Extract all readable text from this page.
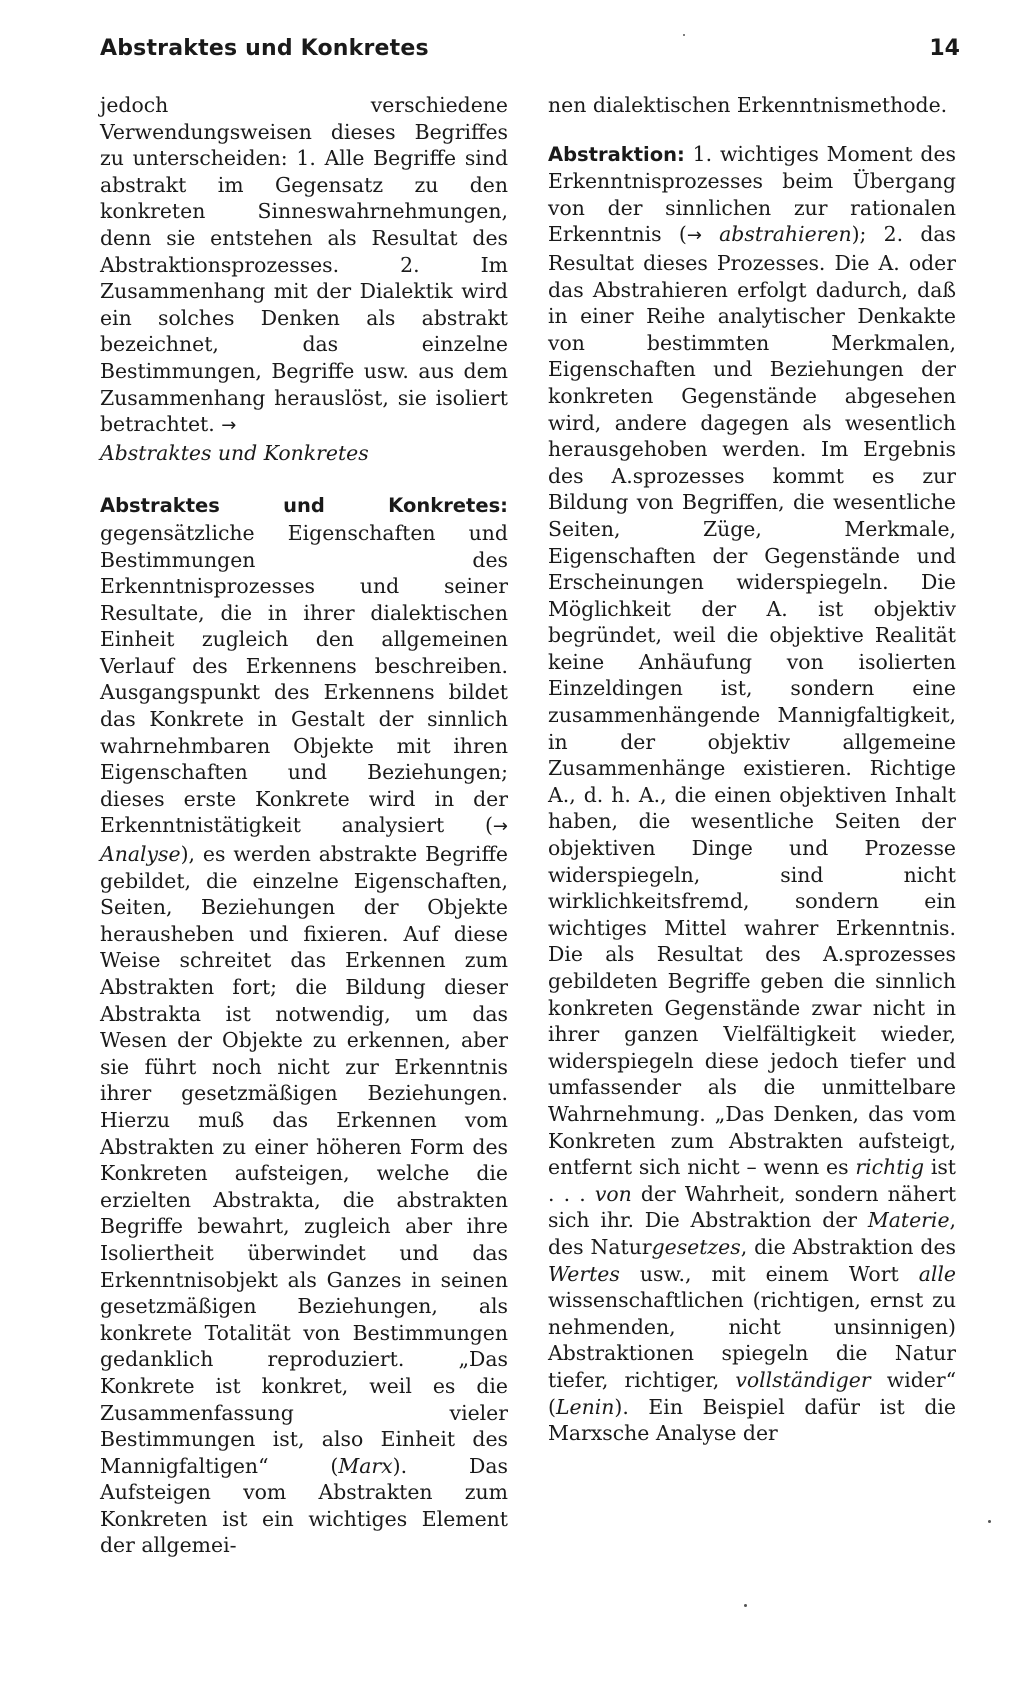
Abstraktes und Konkretes	14

jedoch verschiedene Verwendungsweisen dieses Begriffes zu unterscheiden: 1. Alle Begriffe sind abstrakt im Gegensatz zu den konkreten Sinneswahrnehmungen, denn sie entstehen als Resultat des Abstraktionsprozesses. 2. Im Zusammenhang mit der Dialektik wird ein solches Denken als abstrakt bezeichnet, das einzelne Bestimmungen, Begriffe usw. aus dem Zusammenhang herauslöst, sie isoliert betrachtet. →
Abstraktes und Konkretes

Abstraktes und Konkretes: gegensätzliche Eigenschaften und Bestimmungen des Erkenntnisprozesses und seiner Resultate, die in ihrer dialektischen Einheit zugleich den allgemeinen Verlauf des Erkennens beschreiben. Ausgangspunkt des Erkennens bildet das Konkrete in Gestalt der sinnlich wahrnehmbaren Objekte mit ihren Eigenschaften und Beziehungen; dieses erste Konkrete wird in der Erkenntnistätigkeit analysiert (→ Analyse), es werden abstrakte Begriffe gebildet, die einzelne Eigenschaften, Seiten, Beziehungen der Objekte herausheben und fixieren. Auf diese Weise schreitet das Erkennen zum Abstrakten fort; die Bildung dieser Abstrakta ist notwendig, um das Wesen der Objekte zu erkennen, aber sie führt noch nicht zur Erkenntnis ihrer gesetzmäßigen Beziehungen. Hierzu muß das Erkennen vom Abstrakten zu einer höheren Form des Konkreten aufsteigen, welche die erzielten Abstrakta, die abstrakten Begriffe bewahrt, zugleich aber ihre Isoliertheit überwindet und das Erkenntnisobjekt als Ganzes in seinen gesetzmäßigen Beziehungen, als konkrete Totalität von Bestimmungen gedanklich reproduziert. „Das Konkrete ist konkret, weil es die Zusammenfassung vieler Bestimmungen ist, also Einheit des Mannigfaltigen“ (Marx). Das Aufsteigen vom Abstrakten zum Konkreten ist ein wichtiges Element der allgemei-

nen dialektischen Erkenntnismethode.

Abstraktion: 1. wichtiges Moment des Erkenntnisprozesses beim Übergang von der sinnlichen zur rationalen Erkenntnis (→ abstrahieren); 2. das Resultat dieses Prozesses. Die A. oder das Abstrahieren erfolgt dadurch, daß in einer Reihe analytischer Denkakte von bestimmten Merkmalen, Eigenschaften und Beziehungen der konkreten Gegenstände abgesehen wird, andere dagegen als wesentlich herausgehoben werden. Im Ergebnis des A.sprozesses kommt es zur Bildung von Begriffen, die wesentliche Seiten, Züge, Merkmale, Eigenschaften der Gegenstände und Erscheinungen widerspiegeln. Die Möglichkeit der A. ist objektiv begründet, weil die objektive Realität keine Anhäufung von isolierten Einzeldingen ist, sondern eine zusammenhängende Mannigfaltigkeit, in der objektiv allgemeine Zusammenhänge existieren. Richtige A., d. h. A., die einen objektiven Inhalt haben, die wesentliche Seiten der objektiven Dinge und Prozesse widerspiegeln, sind nicht wirklichkeitsfremd, sondern ein wichtiges Mittel wahrer Erkenntnis. Die als Resultat des A.sprozesses gebildeten Begriffe geben die sinnlich konkreten Gegenstände zwar nicht in ihrer ganzen Vielfältigkeit wieder, widerspiegeln diese jedoch tiefer und umfassender als die unmittelbare Wahrnehmung. „Das Denken, das vom Konkreten zum Abstrakten aufsteigt, entfernt sich nicht – wenn es richtig ist . . . von der Wahrheit, sondern nähert sich ihr. Die Abstraktion der Materie, des Naturgesetzes, die Abstraktion des Wertes usw., mit einem Wort alle wissenschaftlichen (richtigen, ernst zu nehmenden, nicht unsinnigen) Abstraktionen spiegeln die Natur tiefer, richtiger, vollständiger wider“ (Lenin). Ein Beispiel dafür ist die Marxsche Analyse der
